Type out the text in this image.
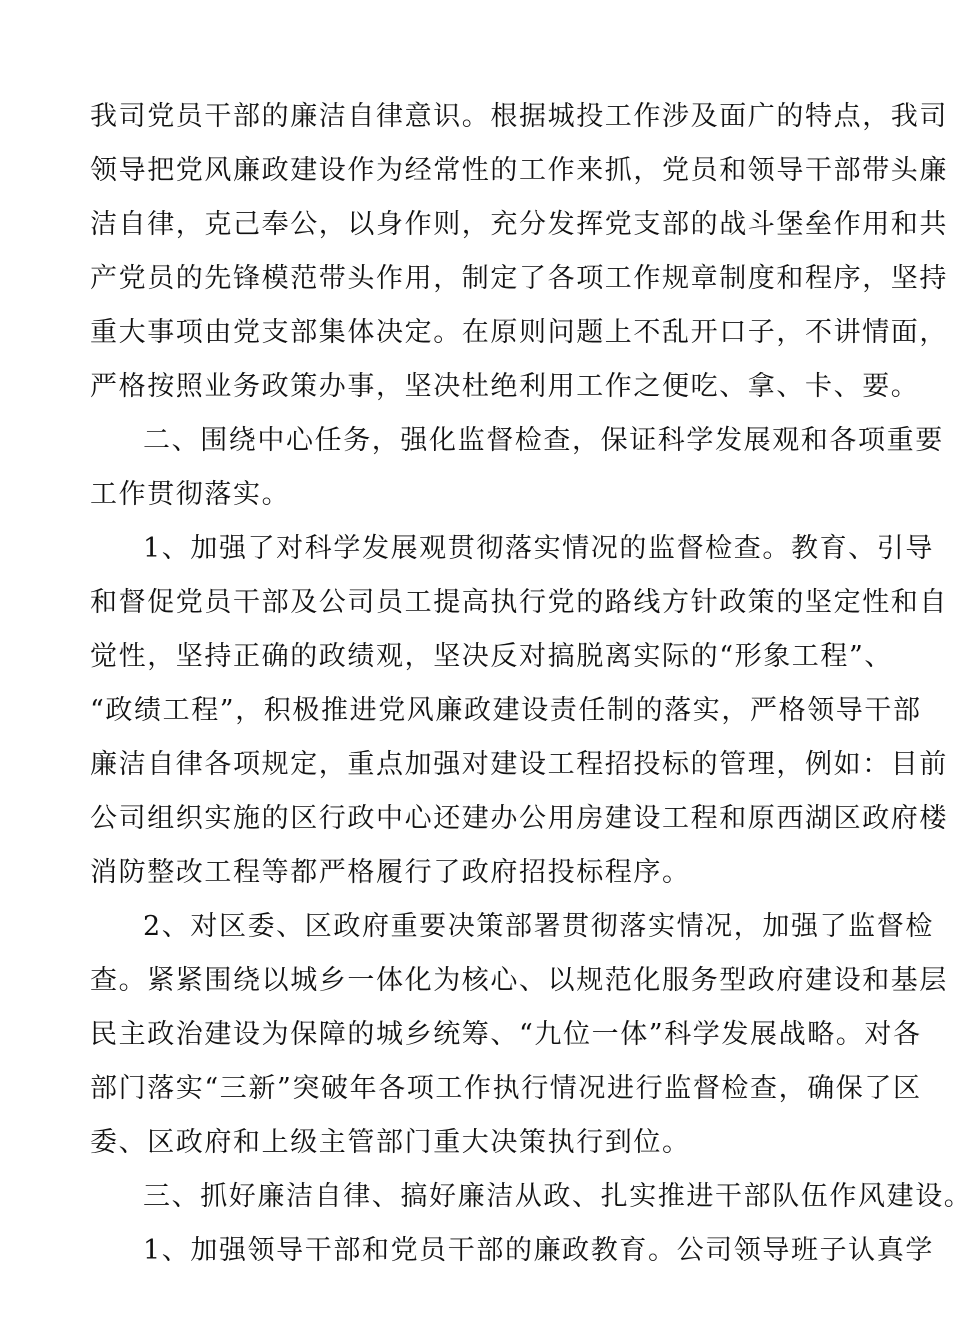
我司党员干部的廉洁自律意识。根据城投工作涉及面广的特点，我司
领导把党风廉政建设作为经常性的工作来抓，党员和领导干部带头廉
洁自律，克己奉公，以身作则，充分发挥党支部的战斗堡垒作用和共
产党员的先锋模范带头作用，制定了各项工作规章制度和程序，坚持
重大事项由党支部集体决定。在原则问题上不乱开口子，不讲情面，
严格按照业务政策办事，坚决杜绝利用工作之便吃、拿、卡、要。
二、围绕中心任务，强化监督检查，保证科学发展观和各项重要
工作贯彻落实。
1、加强了对科学发展观贯彻落实情况的监督检查。教育、引导
和督促党员干部及公司员工提高执行党的路线方针政策的坚定性和自
觉性，坚持正确的政绩观，坚决反对搞脱离实际的“形象工程”、
“政绩工程”，积极推进党风廉政建设责任制的落实，严格领导干部
廉洁自律各项规定，重点加强对建设工程招投标的管理，例如：目前
公司组织实施的区行政中心还建办公用房建设工程和原西湖区政府楼
消防整改工程等都严格履行了政府招投标程序。
2、对区委、区政府重要决策部署贯彻落实情况，加强了监督检
查。紧紧围绕以城乡一体化为核心、以规范化服务型政府建设和基层
民主政治建设为保障的城乡统筹、“九位一体”科学发展战略。对各
部门落实“三新”突破年各项工作执行情况进行监督检查，确保了区
委、区政府和上级主管部门重大决策执行到位。
三、抓好廉洁自律、搞好廉洁从政、扎实推进干部队伍作风建设。
1、加强领导干部和党员干部的廉政教育。公司领导班子认真学
